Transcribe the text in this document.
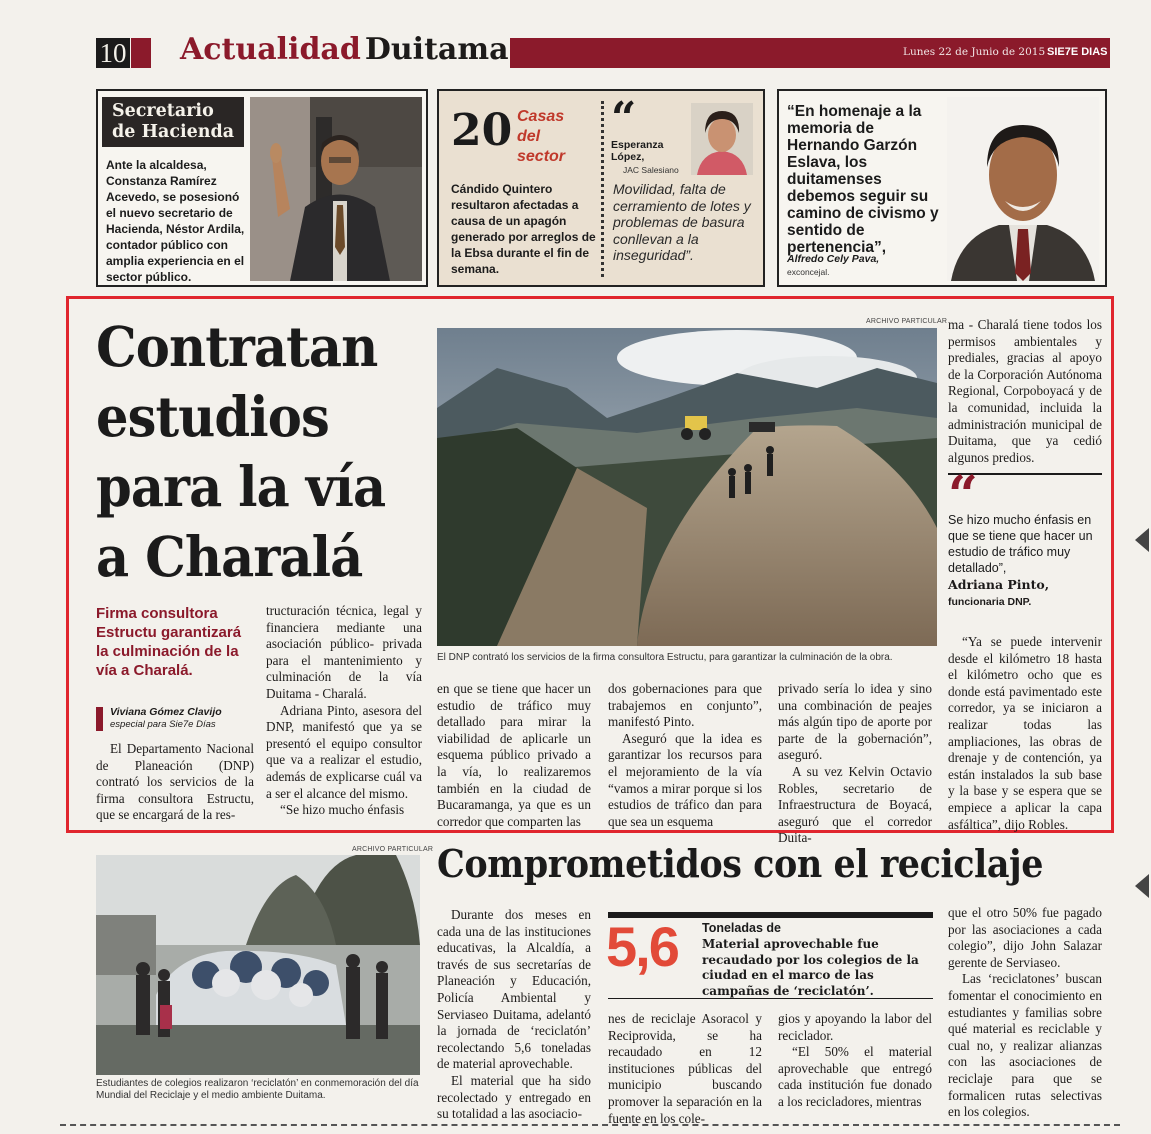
10 Actualidad Duitama	Lunes 22 de Junio de 2015 SIE7E DIAS
Secretario
de Hacienda
Ante la alcaldesa, Constanza Ramírez Acevedo, se posesionó el nuevo secretario de Hacienda, Néstor Ardila, contador público con amplia experiencia en el sector público.
20 Casas
del
sector
Cándido Quintero resultaron afectadas a causa de un apagón generado por arreglos de la Ebsa durante el fin de semana.
“
Esperanza
López,
JAC Salesiano
Movilidad, falta de cerramiento de lotes y problemas de basura conllevan a la inseguridad”.
“En homenaje a la memoria de Hernando Garzón Eslava, los duitamenses debemos seguir su camino de civismo y sentido de pertenencia”,
Alfredo Cely Pava,
exconcejal.
Contratan
estudios
para la vía
a Charalá
Firma consultora Estructu garantizará la culminación de la vía a Charalá.
Viviana Gómez Clavijo
especial para Sie7e Días

El Departamento Nacional de Planeación (DNP) contrató los servicios de la firma consultora Estructu, que se encargará de la res-

tructuración técnica, legal y financiera mediante una asociación público- privada para el mantenimiento y culminación de la vía Duitama - Charalá.

Adriana Pinto, asesora del DNP, manifestó que ya se presentó el equipo consultor que va a realizar el estudio, además de explicarse cuál va a ser el alcance del mismo.

“Se hizo mucho énfasis

ARCHIVO PARTICULAR
El DNP contrató los servicios de la firma consultora Estructu, para garantizar la culminación de la obra.

en que se tiene que hacer un estudio de tráfico muy detallado para mirar la viabilidad de aplicarle un esquema público privado a la vía, lo realizaremos también en la ciudad de Bucaramanga, ya que es un corredor que comparten las

dos gobernaciones para que trabajemos en conjunto”, manifestó Pinto.

Aseguró que la idea es garantizar los recursos para el mejoramiento de la vía “vamos a mirar porque si los estudios de tráfico dan para que sea un esquema

privado sería lo idea y sino una combinación de peajes más algún tipo de aporte por parte de la gobernación”, aseguró.

A su vez Kelvin Octavio Robles, secretario de Infraestructura de Boyacá, aseguró que el corredor Duita-

ma - Charalá tiene todos los permisos ambientales y prediales, gracias al apoyo de la Corporación Autónoma Regional, Corpoboyacá y de la comunidad, incluida la administración municipal de Duitama, que ya cedió algunos predios.

“
Se hizo mucho énfasis en que se tiene que hacer un estudio de tráfico muy detallado”,
Adriana Pinto,
funcionaria DNP.

“Ya se puede intervenir desde el kilómetro 18 hasta el kilómetro ocho que es donde está pavimentado este corredor, ya se iniciaron a realizar todas las ampliaciones, las obras de drenaje y de contención, ya están instalados la sub base y la base y se espera que se empiece a aplicar la capa asfáltica”, dijo Robles.

ARCHIVO PARTICULAR
Estudiantes de colegios realizaron ‘reciclatón’ en conmemoración del día Mundial del Reciclaje y el medio ambiente Duitama.
Comprometidos con el reciclaje

Durante dos meses en cada una de las instituciones educativas, la Alcaldía, a través de sus secretarías de Planeación y Educación, Policía Ambiental y Serviaseo Duitama, adelantó la jornada de ‘reciclatón’ recolectando 5,6 toneladas de material aprovechable.

El material que ha sido recolectado y entregado en su totalidad a las asociacio-

5,6 Toneladas de
Material aprovechable fue recaudado por los colegios de la ciudad en el marco de las campañas de ‘reciclatón’.

nes de reciclaje Asoracol y Reciprovida, se ha recaudado en 12 instituciones públicas del municipio buscando promover la separación en la fuente en los cole-

gios y apoyando la labor del reciclador.

“El 50% el material aprovechable que entregó cada institución fue donado a los recicladores, mientras

que el otro 50% fue pagado por las asociaciones a cada colegio”, dijo John Salazar gerente de Serviaseo.

Las ‘reciclatones’ buscan fomentar el conocimiento en estudiantes y familias sobre qué material es reciclable y cual no, y realizar alianzas con las asociaciones de reciclaje para que se formalicen rutas selectivas en los colegios.
